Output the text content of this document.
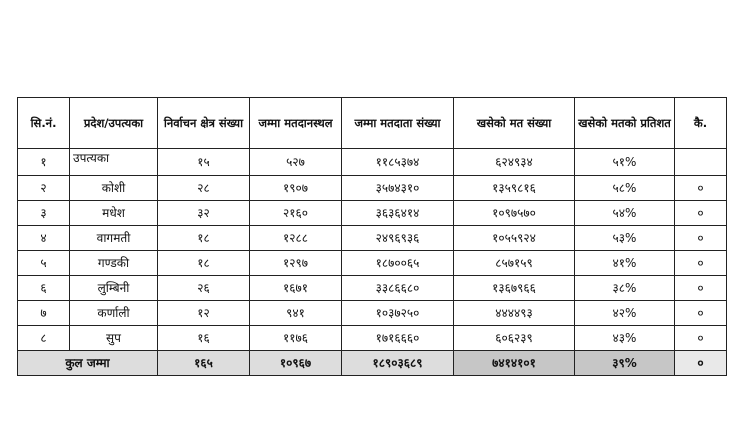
सि.नं.	प्रदेश/उपत्यका	निर्वाचन क्षेत्र संख्या	जम्मा मतदानस्थल	जम्मा मतदाता संख्या	खसेको मत संख्या	खसेको मतको प्रतिशत	कै.
१	उपत्यका	१५	५२७	११८५३७४	६२४९३४	५१%	
२	कोशी	२८	१९०७	३५७४३१०	१३५९८१६	५८%	०
३	मधेश	३२	२१६०	३६३६४१४	१०९७५७०	५४%	०
४	वागमती	१८	१२८८	२४९६९३६	१०५५९२४	५३%	०
५	गण्डकी	१८	१२९७	१८७००६५	८५७१५९	४१%	०
६	लुम्बिनी	२६	१६७१	३३८६६८०	१३६७९६६	३८%	०
७	कर्णाली	१२	९४१	१०३७२५०	४४४४९३	४२%	०
८	सुप	१६	११७६	१७१६६६०	६०६२३९	४३%	०
कुल जम्मा		१६५	१०९६७	१८९०३६८९	७४१४१०१	३९%	०
